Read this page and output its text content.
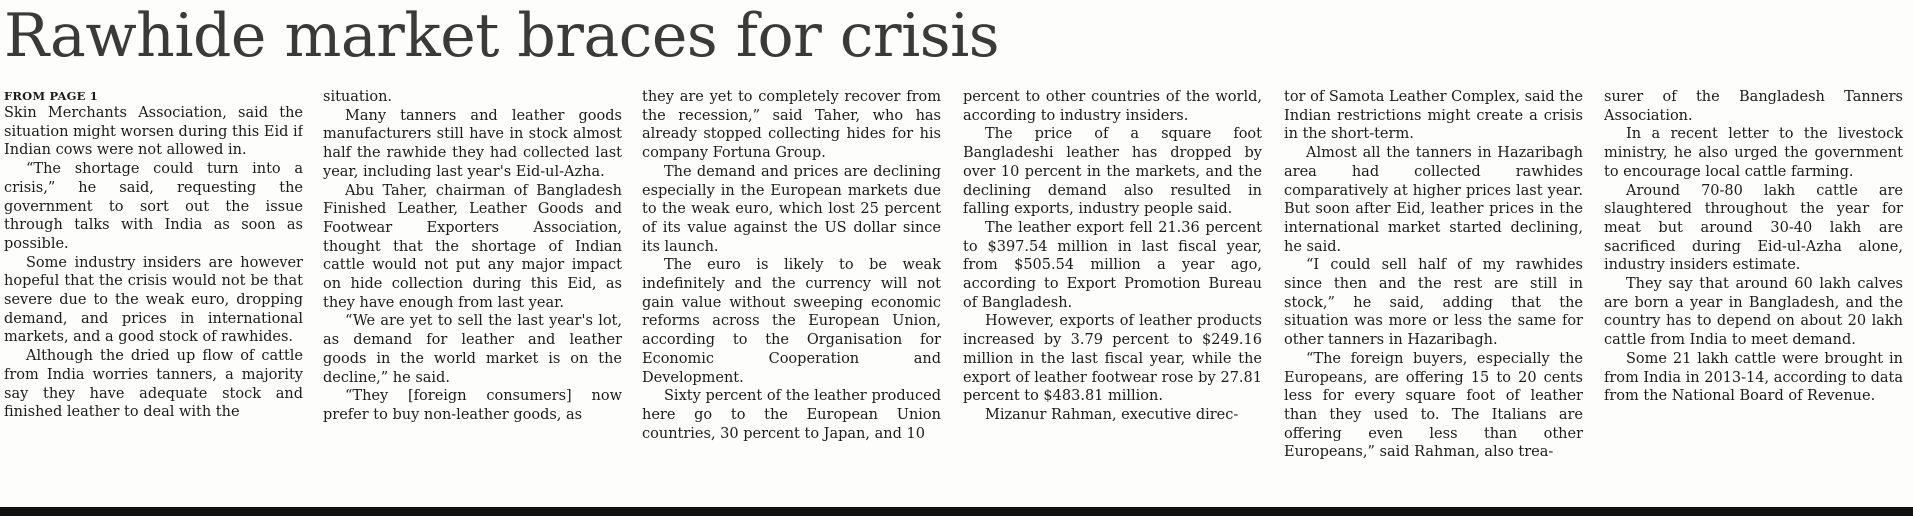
Rawhide market braces for crisis
FROM PAGE 1

Skin Merchants Association, said the situation might worsen during this Eid if Indian cows were not allowed in.

“The shortage could turn into a crisis,” he said, requesting the government to sort out the issue through talks with India as soon as possible.

Some industry insiders are however hopeful that the crisis would not be that severe due to the weak euro, dropping demand, and prices in international markets, and a good stock of rawhides.

Although the dried up flow of cattle from India worries tanners, a majority say they have adequate stock and finished leather to deal with the

situation.

Many tanners and leather goods manufacturers still have in stock almost half the rawhide they had collected last year, including last year's Eid-ul-Azha.

Abu Taher, chairman of Bangladesh Finished Leather, Leather Goods and Footwear Exporters Association, thought that the shortage of Indian cattle would not put any major impact on hide collection during this Eid, as they have enough from last year.

“We are yet to sell the last year's lot, as demand for leather and leather goods in the world market is on the decline,” he said.

“They [foreign consumers] now prefer to buy non-leather goods, as

they are yet to completely recover from the recession,” said Taher, who has already stopped collecting hides for his company Fortuna Group.

The demand and prices are declining especially in the European markets due to the weak euro, which lost 25 percent of its value against the US dollar since its launch.

The euro is likely to be weak indefinitely and the currency will not gain value without sweeping economic reforms across the European Union, according to the Organisation for Economic Cooperation and Development.

Sixty percent of the leather produced here go to the European Union countries, 30 percent to Japan, and 10

percent to other countries of the world, according to industry insiders.

The price of a square foot Bangladeshi leather has dropped by over 10 percent in the markets, and the declining demand also resulted in falling exports, industry people said.

The leather export fell 21.36 percent to $397.54 million in last fiscal year, from $505.54 million a year ago, according to Export Promotion Bureau of Bangladesh.

However, exports of leather products increased by 3.79 percent to $249.16 million in the last fiscal year, while the export of leather footwear rose by 27.81 percent to $483.81 million.

Mizanur Rahman, executive direc-

tor of Samota Leather Complex, said the Indian restrictions might create a crisis in the short-term.

Almost all the tanners in Hazaribagh area had collected rawhides comparatively at higher prices last year. But soon after Eid, leather prices in the international market started declining, he said.

“I could sell half of my rawhides since then and the rest are still in stock,” he said, adding that the situation was more or less the same for other tanners in Hazaribagh.

“The foreign buyers, especially the Europeans, are offering 15 to 20 cents less for every square foot of leather than they used to. The Italians are offering even less than other Europeans,” said Rahman, also trea-

surer of the Bangladesh Tanners Association.

In a recent letter to the livestock ministry, he also urged the government to encourage local cattle farming.

Around 70-80 lakh cattle are slaughtered throughout the year for meat but around 30-40 lakh are sacrificed during Eid-ul-Azha alone, industry insiders estimate.

They say that around 60 lakh calves are born a year in Bangladesh, and the country has to depend on about 20 lakh cattle from India to meet demand.

Some 21 lakh cattle were brought in from India in 2013-14, according to data from the National Board of Revenue.
